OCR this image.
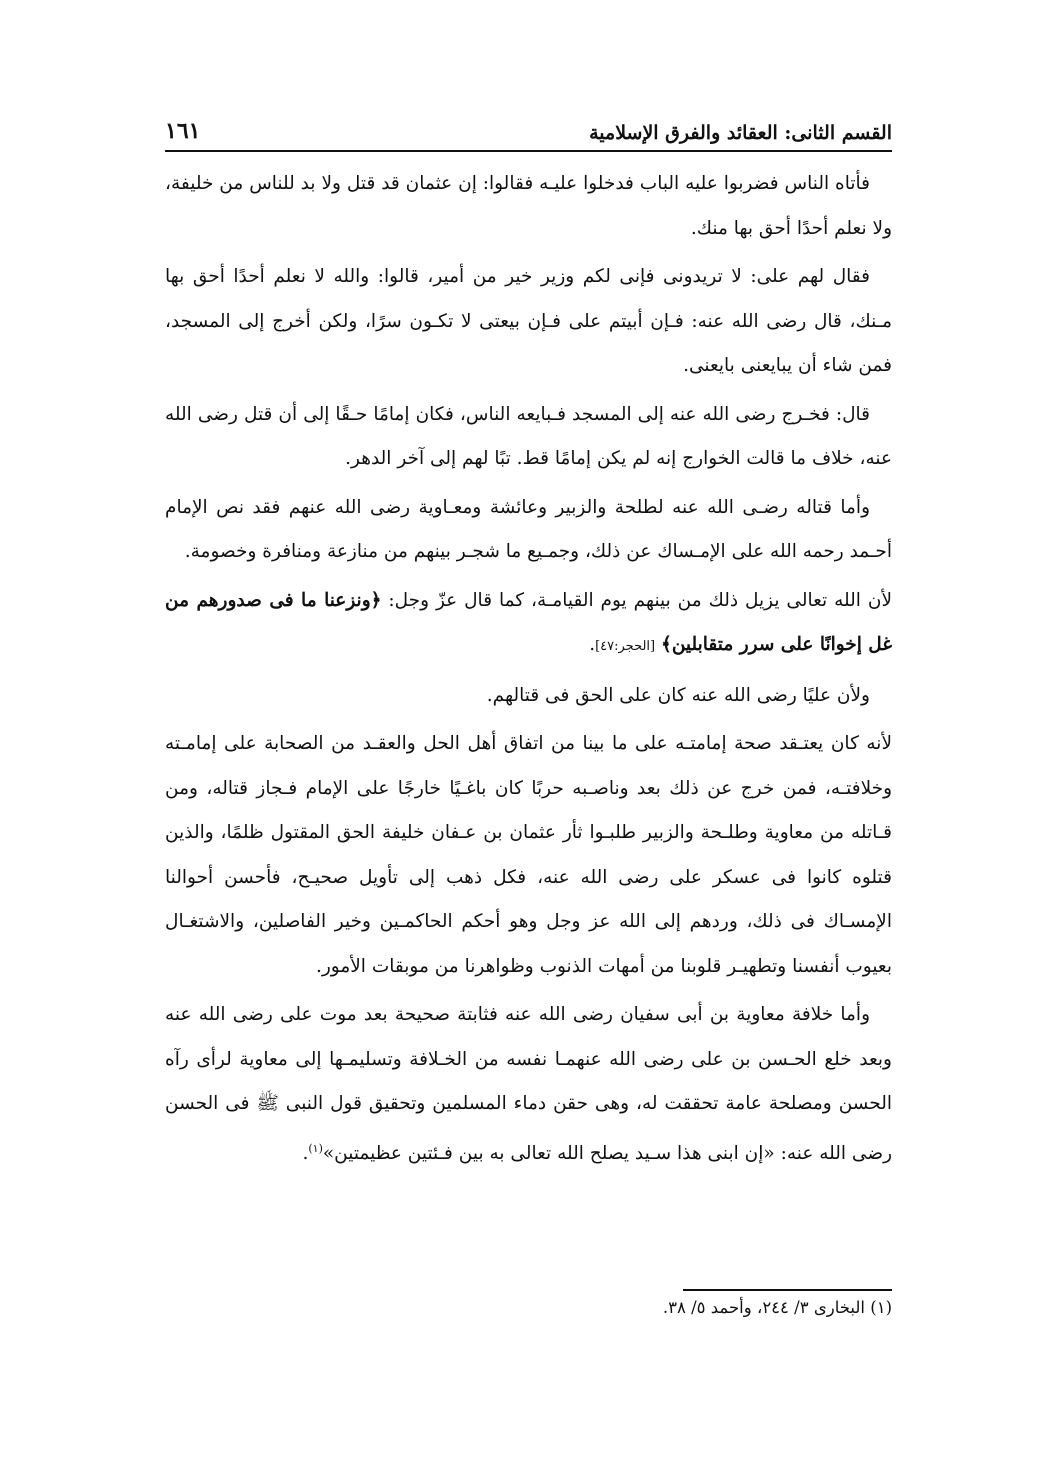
القسم الثانى: العقائد والفرق الإسلامية
١٦١

فأتاه الناس فضربوا عليه الباب فدخلوا عليـه فقالوا: إن عثمان قد قتل ولا بد للناس من خليفة، ولا نعلم أحدًا أحق بها منك.

فقال لهم على: لا تريدونى فإنى لكم وزير خير من أمير، قالوا: والله لا نعلم أحدًا أحق بها مـنك، قال رضى الله عنه: فـإن أبيتم على فـإن بيعتى لا تكـون سرًا، ولكن أخرج إلى المسجد، فمن شاء أن يبايعنى بايعنى.

قال: فخـرج رضى الله عنه إلى المسجد فـبايعه الناس، فكان إمامًا حـقًا إلى أن قتل رضى الله عنه، خلاف ما قالت الخوارج إنه لم يكن إمامًا قط. تبًا لهم إلى آخر الدهر.

وأما قتاله رضـى الله عنه لطلحة والزبير وعائشة ومعـاوية رضى الله عنهم فقد نص الإمام أحـمد رحمه الله على الإمـساك عن ذلك، وجمـيع ما شجـر بينهم من منازعة ومنافرة وخصومة.

لأن الله تعالى يزيل ذلك من بينهم يوم القيامـة، كما قال عزّ وجل: ﴿ونزعنا ما فى صدورهم من غل إخوانًا على سرر متقابلين﴾ [الحجر:٤٧].

ولأن عليًا رضى الله عنه كان على الحق فى قتالهم.

لأنه كان يعتـقد صحة إمامتـه على ما بينا من اتفاق أهل الحل والعقـد من الصحابة على إمامـته وخلافتـه، فمن خرج عن ذلك بعد وناصـبه حربًا كان باغـيًا خارجًا على الإمام فـجاز قتاله، ومن قـاتله من معاوية وطلـحة والزبير طلبـوا ثأر عثمان بن عـفان خليفة الحق المقتول ظلمًا، والذين قتلوه كانوا فى عسكر على رضى الله عنه، فكل ذهب إلى تأويل صحيـح، فأحسن أحوالنا الإمسـاك فى ذلك، وردهم إلى الله عز وجل وهو أحكم الحاكمـين وخير الفاصلين، والاشتغـال بعيوب أنفسنا وتطهيـر قلوبنا من أمهات الذنوب وظواهرنا من موبقات الأمور.

وأما خلافة معاوية بن أبى سفيان رضى الله عنه فثابتة صحيحة بعد موت على رضى الله عنه وبعد خلع الحـسن بن على رضى الله عنهمـا نفسه من الخـلافة وتسليمـها إلى معاوية لرأى رآه الحسن ومصلحة عامة تحققت له، وهى حقن دماء المسلمين وتحقيق قول النبى ﷺ فى الحسن رضى الله عنه: «إن ابنى هذا سـيد يصلح الله تعالى به بين فـئتين عظيمتين»$^{(١)}$.

(١) البخارى ٣/ ٢٤٤، وأحمد ٥/ ٣٨.
